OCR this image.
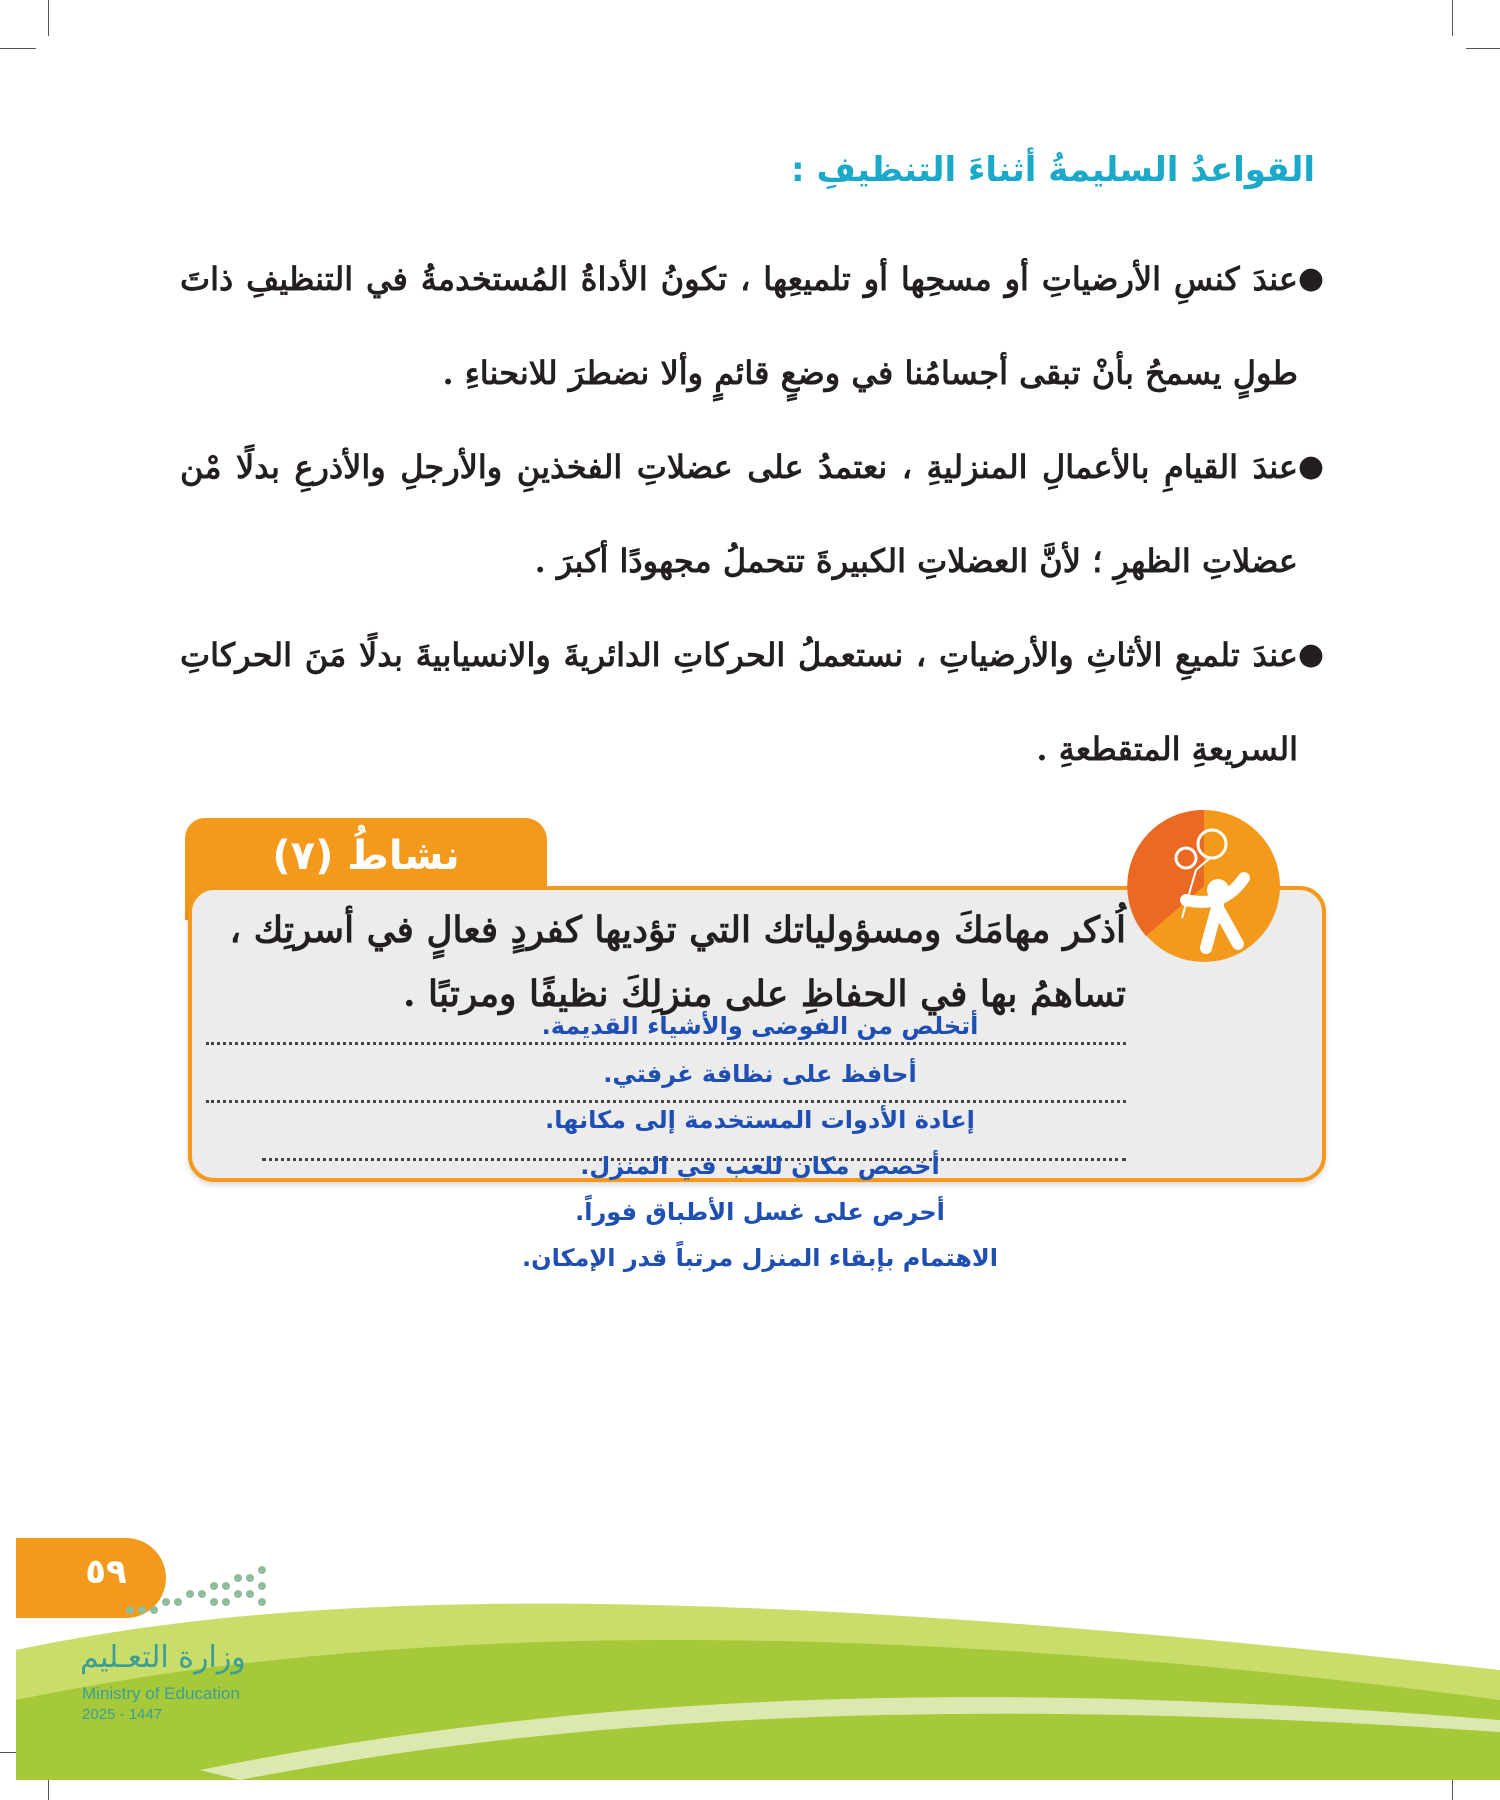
القواعدُ السليمةُ أثناءَ التنظيفِ :

●
عندَ كنسِ الأرضياتِ أو مسحِها أو تلميعِها ، تكونُ الأداةُ المُستخدمةُ في التنظيفِ ذاتَ طولٍ يسمحُ بأنْ تبقى أجسامُنا في وضعٍ قائمٍ وألا نضطرَ للانحناءِ .

●
عندَ القيامِ بالأعمالِ المنزليةِ ، نعتمدُ على عضلاتِ الفخذينِ والأرجلِ والأذرعِ بدلًا مْن عضلاتِ الظهرِ ؛ لأنَّ العضلاتِ الكبيرةَ تتحملُ مجهودًا أكبرَ .

●
عندَ تلميعِ الأثاثِ والأرضياتِ ، نستعملُ الحركاتِ الدائريةَ والانسيابيةَ بدلًا مَنَ الحركاتِ السريعةِ المتقطعةِ .

نشاطُ (٧)
اُذكر مهامَكَ ومسؤولياتك التي تؤديها كفردٍ فعالٍ في أسرتِك ، تساهمُ بها في الحفاظِ على منزلِكَ نظيفًا ومرتبًا .
أتخلص من الفوضى والأشياء القديمة.
أحافظ على نظافة غرفتي.
إعادة الأدوات المستخدمة إلى مكانها.
أخصص مكان للعب في المنزل.
أحرص على غسل الأطباق فوراً.
الاهتمام بإبقاء المنزل مرتباً قدر الإمكان.
٥٩
وزارة التعـليم
Ministry of Education
2025 - 1447
